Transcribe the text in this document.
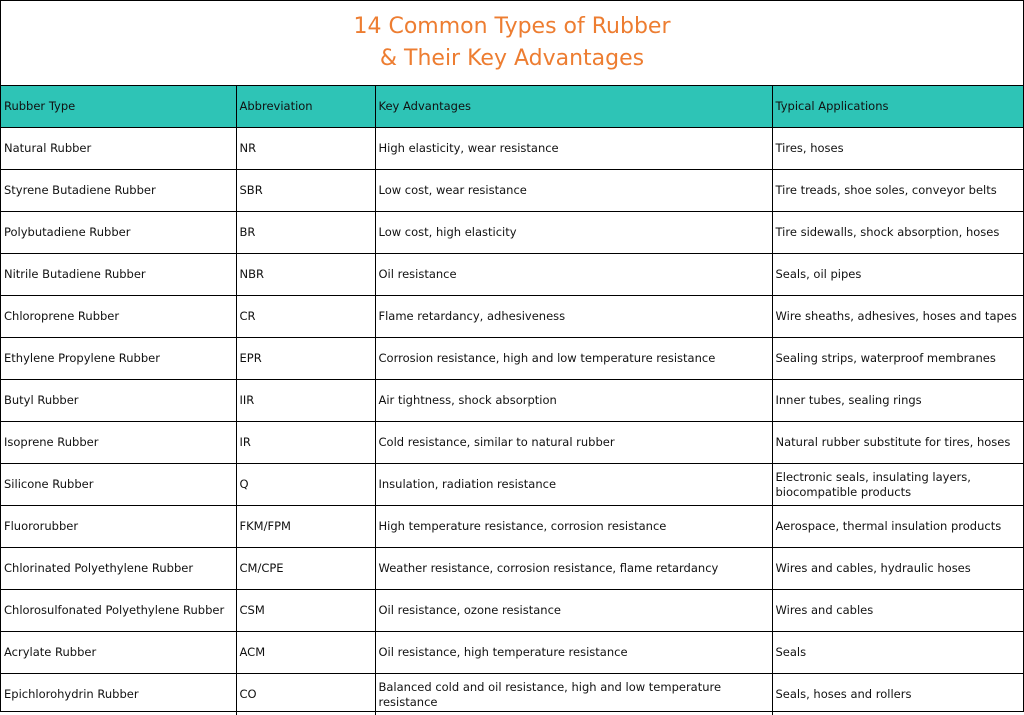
14 Common Types of Rubber
& Their Key Advantages
Rubber Type	Abbreviation	Key Advantages	Typical Applications
Natural Rubber	NR	High elasticity, wear resistance	Tires, hoses
Styrene Butadiene Rubber	SBR	Low cost, wear resistance	Tire treads, shoe soles, conveyor belts
Polybutadiene Rubber	BR	Low cost, high elasticity	Tire sidewalls, shock absorption, hoses
Nitrile Butadiene Rubber	NBR	Oil resistance	Seals, oil pipes
Chloroprene Rubber	CR	Flame retardancy, adhesiveness	Wire sheaths, adhesives, hoses and tapes
Ethylene Propylene Rubber	EPR	Corrosion resistance, high and low temperature resistance	Sealing strips, waterproof membranes
Butyl Rubber	IIR	Air tightness, shock absorption	Inner tubes, sealing rings
Isoprene Rubber	IR	Cold resistance, similar to natural rubber	Natural rubber substitute for tires, hoses
Silicone Rubber	Q	Insulation, radiation resistance	Electronic seals, insulating layers, biocompatible products
Fluororubber	FKM/FPM	High temperature resistance, corrosion resistance	Aerospace, thermal insulation products
Chlorinated Polyethylene Rubber	CM/CPE	Weather resistance, corrosion resistance, flame retardancy	Wires and cables, hydraulic hoses
Chlorosulfonated Polyethylene Rubber	CSM	Oil resistance, ozone resistance	Wires and cables
Acrylate Rubber	ACM	Oil resistance, high temperature resistance	Seals
Epichlorohydrin Rubber	CO	Balanced cold and oil resistance, high and low temperature resistance	Seals, hoses and rollers
